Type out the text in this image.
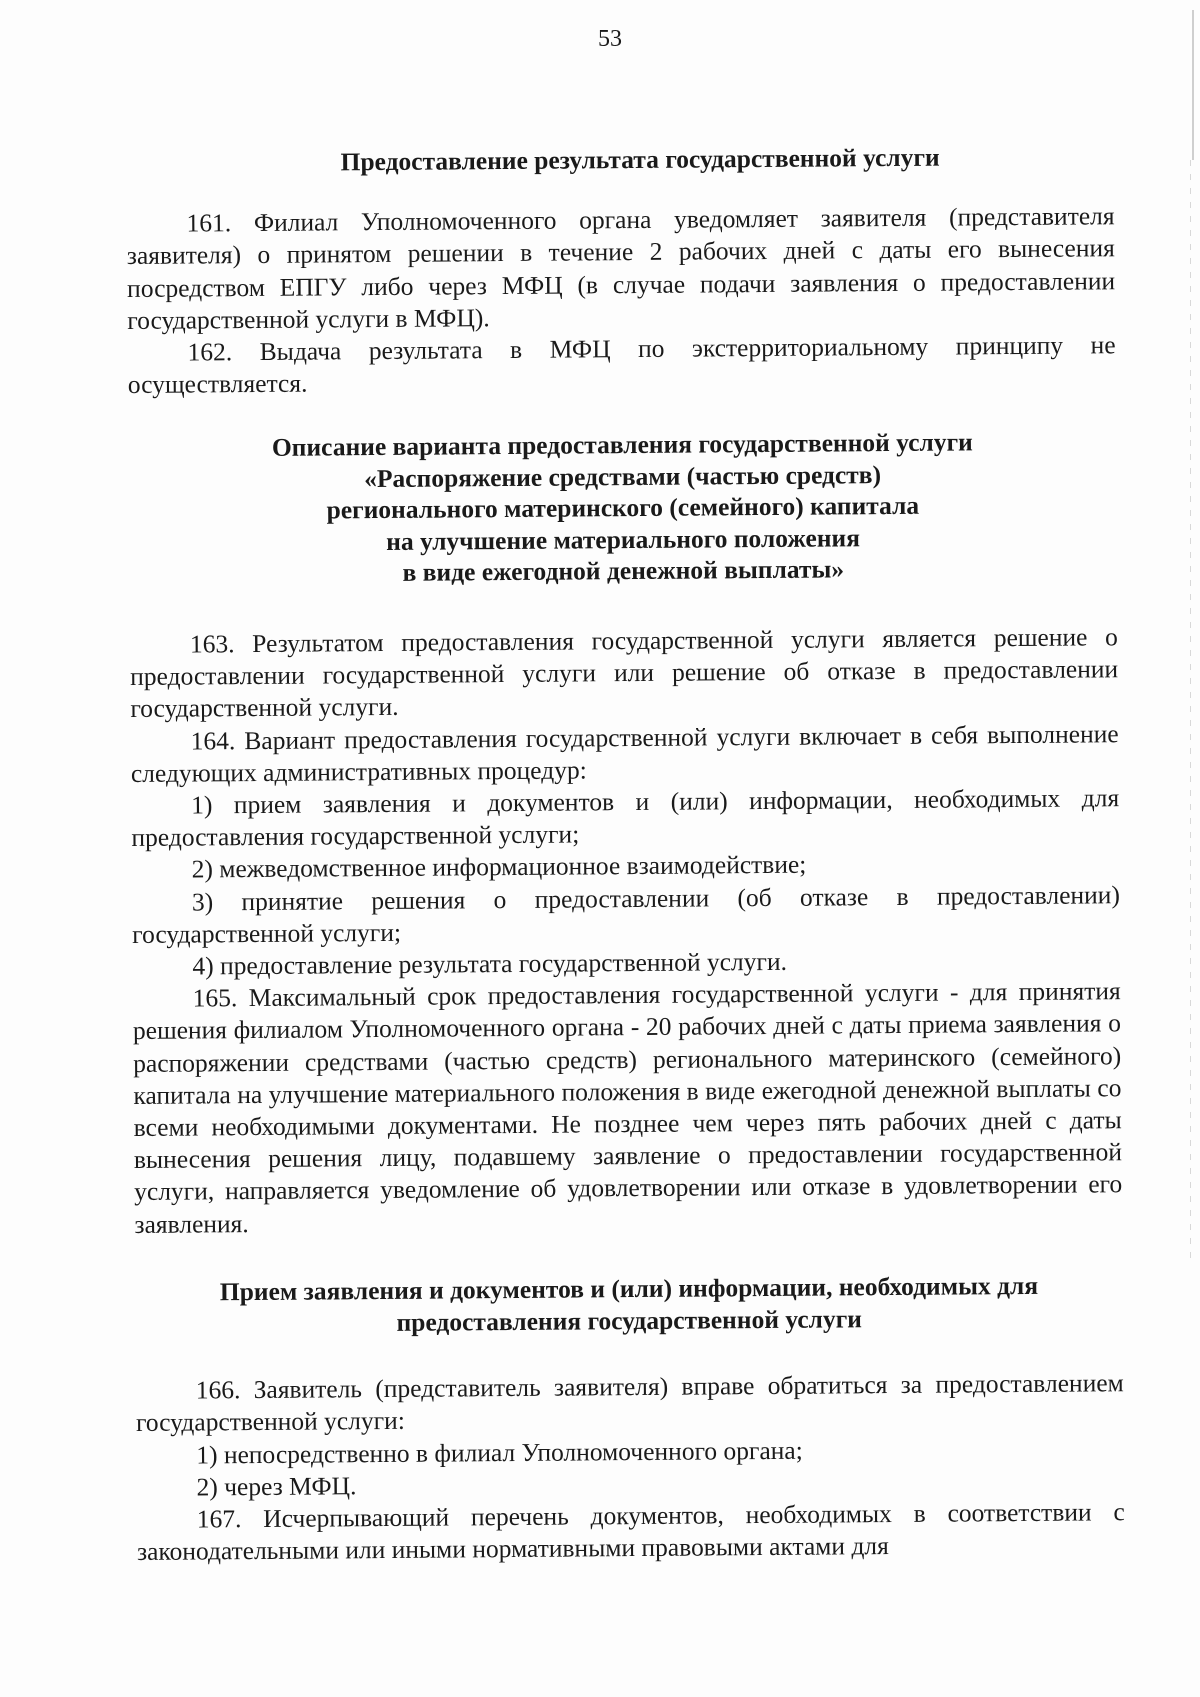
53

Предоставление результата государственной услуги

161. Филиал Уполномоченного органа уведомляет заявителя (представителя заявителя) о принятом решении в течение 2 рабочих дней с даты его вынесения посредством ЕПГУ либо через МФЦ (в случае подачи заявления о предоставлении государственной услуги в МФЦ).

162. Выдача результата в МФЦ по экстерриториальному принципу не осуществляется.

Описание варианта предоставления государственной услуги
«Распоряжение средствами (частью средств)
регионального материнского (семейного) капитала
на улучшение материального положения
в виде ежегодной денежной выплаты»

163. Результатом предоставления государственной услуги является решение о предоставлении государственной услуги или решение об отказе в предоставлении государственной услуги.

164. Вариант предоставления государственной услуги включает в себя выполнение следующих административных процедур:

1) прием заявления и документов и (или) информации, необходимых для предоставления государственной услуги;

2) межведомственное информационное взаимодействие;

3) принятие решения о предоставлении (об отказе в предоставлении) государственной услуги;

4) предоставление результата государственной услуги.

165. Максимальный срок предоставления государственной услуги - для принятия решения филиалом Уполномоченного органа - 20 рабочих дней с даты приема заявления о распоряжении средствами (частью средств) регионального материнского (семейного) капитала на улучшение материального положения в виде ежегодной денежной выплаты со всеми необходимыми документами. Не позднее чем через пять рабочих дней с даты вынесения решения лицу, подавшему заявление о предоставлении государственной услуги, направляется уведомление об удовлетворении или отказе в удовлетворении его заявления.

Прием заявления и документов и (или) информации, необходимых для
предоставления государственной услуги

166. Заявитель (представитель заявителя) вправе обратиться за предоставлением государственной услуги:

1) непосредственно в филиал Уполномоченного органа;

2) через МФЦ.

167. Исчерпывающий перечень документов, необходимых в соответствии с законодательными или иными нормативными правовыми актами для
